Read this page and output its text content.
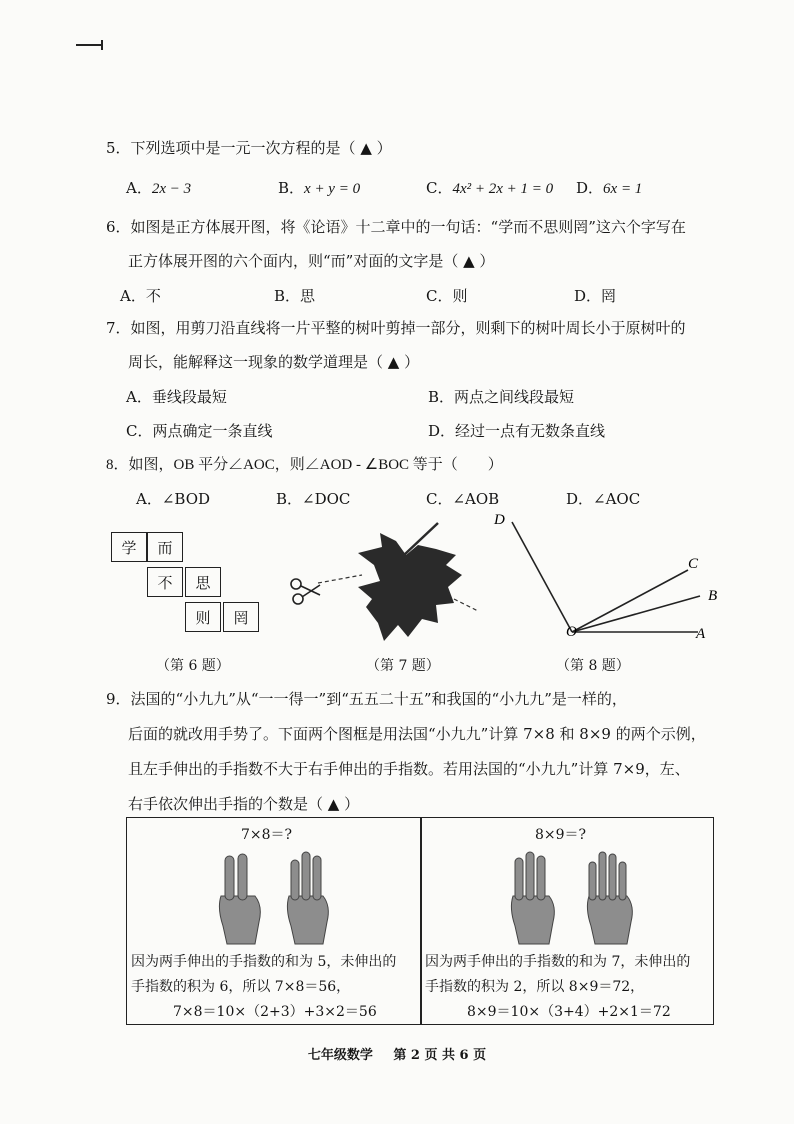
5．下列选项中是一元一次方程的是（ ▲ ）
A．2x − 3	B．x + y = 0	C．4x² + 2x + 1 = 0 D．6x = 1
6．如图是正方体展开图，将《论语》十二章中的一句话：“学而不思则罔”这六个字写在
正方体展开图的六个面内，则“而”对面的文字是（ ▲ ）
A．不	B．思	C．则	D．罔
7．如图，用剪刀沿直线将一片平整的树叶剪掉一部分，则剩下的树叶周长小于原树叶的
周长，能解释这一现象的数学道理是（ ▲ ）
A．垂线段最短	B．两点之间线段最短
C．两点确定一条直线	D．经过一点有无数条直线
8．如图，OB 平分∠AOC，则∠AOD - ∠BOC 等于（　　）
A．∠BOD	B．∠DOC	C．∠AOB	D．∠AOC
学	而
不	思
则	罔
（第 6 题）	（第 7 题）
D
C
B
O	A
（第 8 题）
9．法国的“小九九”从“一一得一”到“五五二十五”和我国的“小九九”是一样的，
后面的就改用手势了。下面两个图框是用法国“小九九”计算 7×8 和 8×9 的两个示例，
且左手伸出的手指数不大于右手伸出的手指数。若用法国的“小九九”计算 7×9，左、
右手依次伸出手指的个数是（ ▲ ）
7×8＝?
因为两手伸出的手指数的和为 5，未伸出的
手指数的积为 6，所以 7×8＝56，
7×8＝10×（2+3）+3×2＝56
8×9＝?
因为两手伸出的手指数的和为 7，未伸出的
手指数的积为 2，所以 8×9＝72，
8×9＝10×（3+4）+2×1＝72
七年级数学 第 2 页 共 6 页
